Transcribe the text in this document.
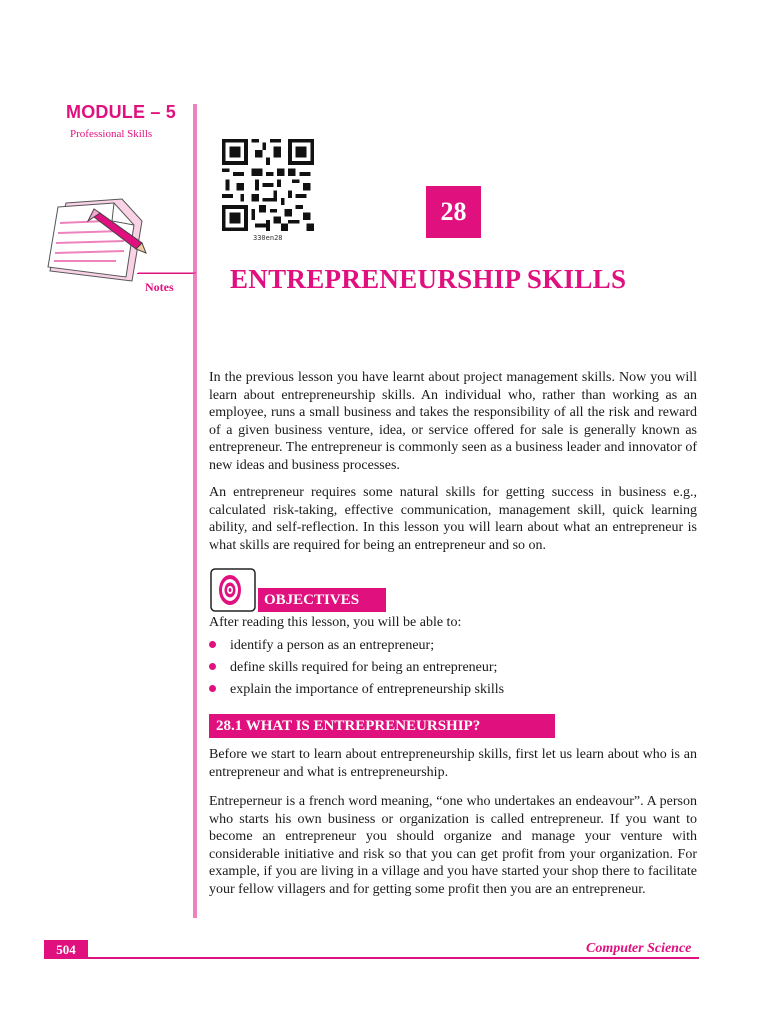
MODULE – 5
Professional Skills
Notes
330en28
28
ENTREPRENEURSHIP SKILLS
In the previous lesson you have learnt about project management skills. Now you will learn about entrepreneurship skills. An individual who, rather than working as an employee, runs a small business and takes the responsibility of all the risk and reward of a given business venture, idea, or service offered for sale is generally known as entrepreneur. The entrepreneur is commonly seen as a business leader and innovator of new ideas and business processes.
An entrepreneur requires some natural skills for getting success in business e.g., calculated risk-taking, effective communication, management skill, quick learning ability, and self-reflection. In this lesson you will learn about what an entrepreneur is what skills are required for being an entrepreneur and so on.
OBJECTIVES
After reading this lesson, you will be able to:
identify a person as an entrepreneur;
define skills required for being an entrepreneur;
explain the importance of entrepreneurship skills
28.1 WHAT IS ENTREPRENEURSHIP?
Before we start to learn about entrepreneurship skills, first let us learn about who is an entrepreneur and what is entrepreneurship.
Entreperneur is a french word meaning, “one who undertakes an endeavour”. A person who starts his own business or organization is called entrepreneur. If you want to become an entrepreneur you should organize and manage your venture with considerable initiative and risk so that you can get profit from your organization. For example, if you are living in a village and you have started your shop there to facilitate your fellow villagers and for getting some profit then you are an entrepreneur.
504	Computer Science
